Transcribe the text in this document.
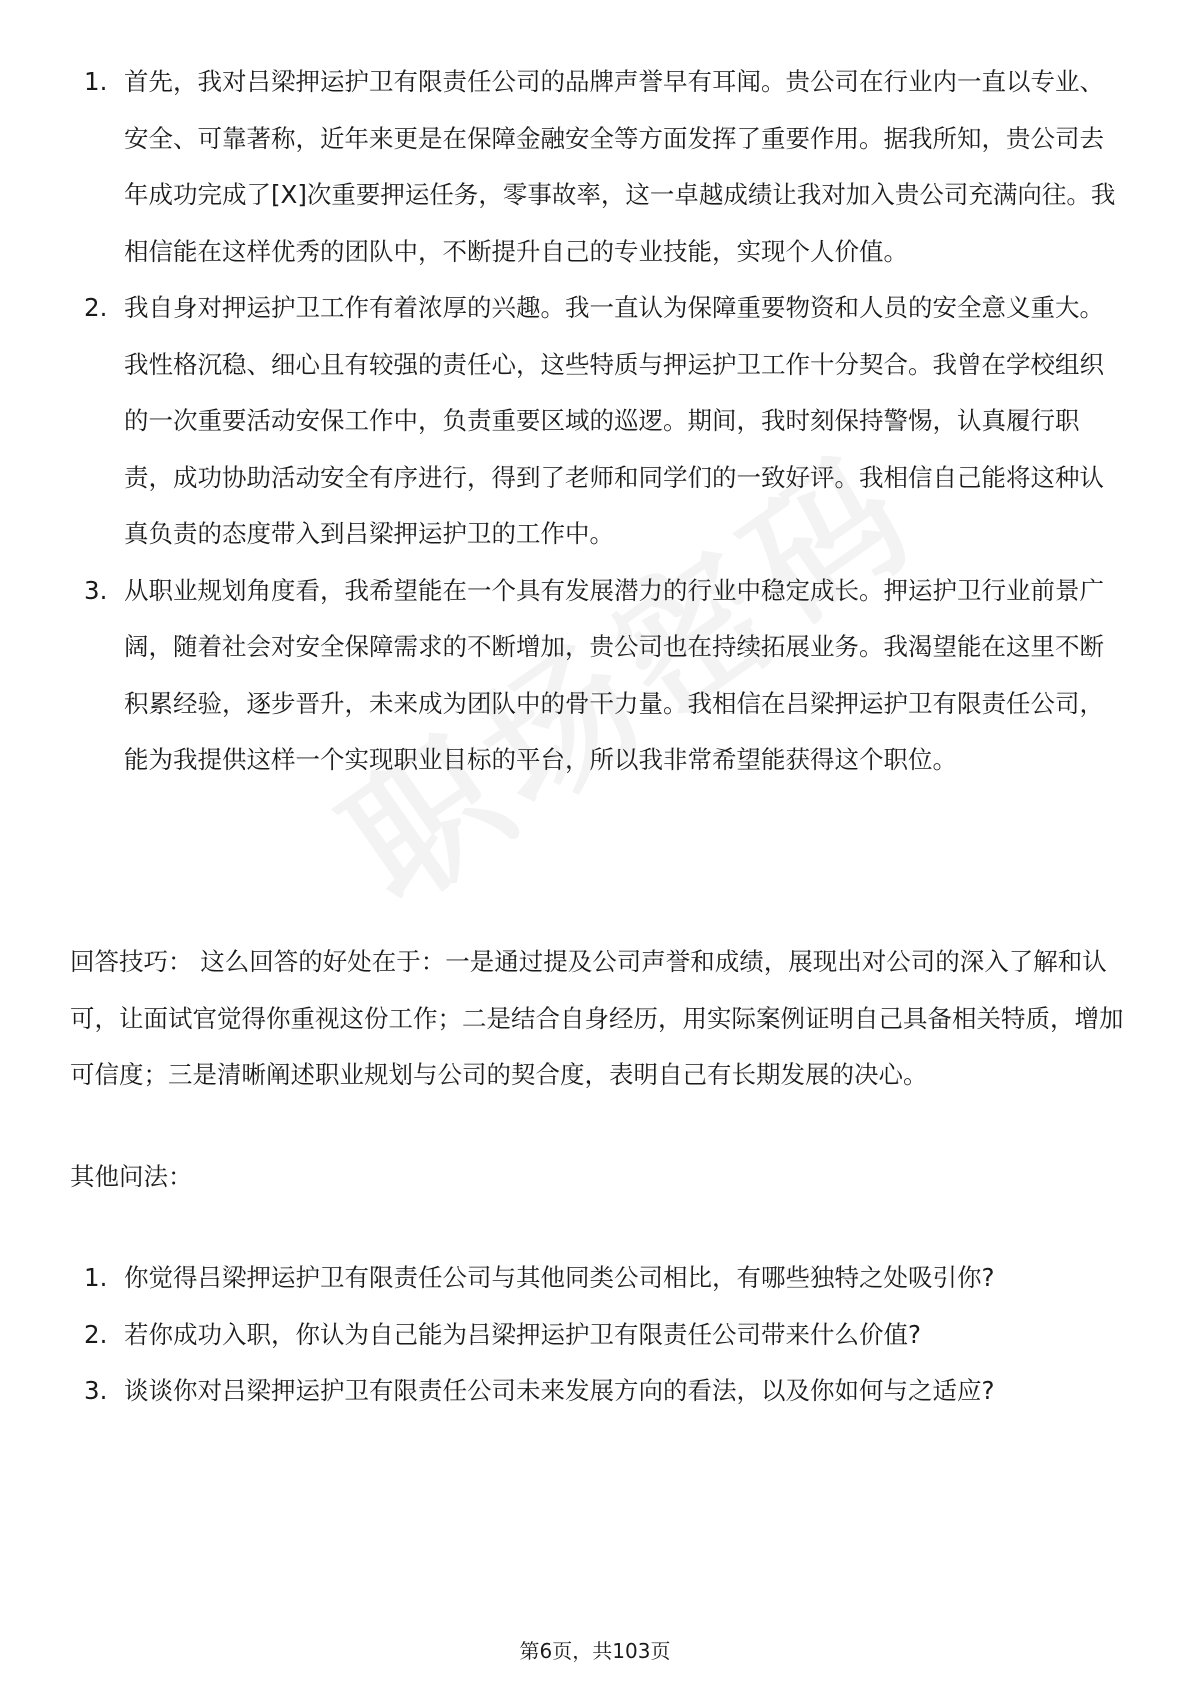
1. 首先，我对吕梁押运护卫有限责任公司的品牌声誉早有耳闻。贵公司在行业内一直以专业、安全、可靠著称，近年来更是在保障金融安全等方面发挥了重要作用。据我所知，贵公司去年成功完成了[X]次重要押运任务，零事故率，这一卓越成绩让我对加入贵公司充满向往。我相信能在这样优秀的团队中，不断提升自己的专业技能，实现个人价值。
2. 我自身对押运护卫工作有着浓厚的兴趣。我一直认为保障重要物资和人员的安全意义重大。我性格沉稳、细心且有较强的责任心，这些特质与押运护卫工作十分契合。我曾在学校组织的一次重要活动安保工作中，负责重要区域的巡逻。期间，我时刻保持警惕，认真履行职责，成功协助活动安全有序进行，得到了老师和同学们的一致好评。我相信自己能将这种认真负责的态度带入到吕梁押运护卫的工作中。
3. 从职业规划角度看，我希望能在一个具有发展潜力的行业中稳定成长。押运护卫行业前景广阔，随着社会对安全保障需求的不断增加，贵公司也在持续拓展业务。我渴望能在这里不断积累经验，逐步晋升，未来成为团队中的骨干力量。我相信在吕梁押运护卫有限责任公司，能为我提供这样一个实现职业目标的平台，所以我非常希望能获得这个职位。

回答技巧： 这么回答的好处在于：一是通过提及公司声誉和成绩，展现出对公司的深入了解和认可，让面试官觉得你重视这份工作；二是结合自身经历，用实际案例证明自己具备相关特质，增加可信度；三是清晰阐述职业规划与公司的契合度，表明自己有长期发展的决心。

其他问法：

1. 你觉得吕梁押运护卫有限责任公司与其他同类公司相比，有哪些独特之处吸引你?
2. 若你成功入职，你认为自己能为吕梁押运护卫有限责任公司带来什么价值?
3. 谈谈你对吕梁押运护卫有限责任公司未来发展方向的看法，以及你如何与之适应?
第6页，共103页
